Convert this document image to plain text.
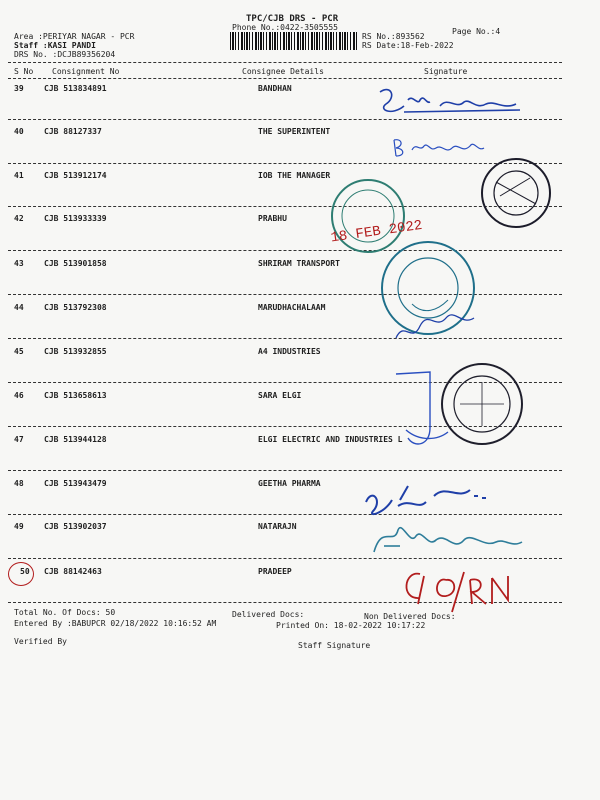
TPC/CJB DRS - PCR
Phone No.:0422-3505555	Page No.:4
Area :PERIYAR NAGAR - PCR
Staff :KASI PANDI
DRS No. :DCJB89356204
RS No.:893562
RS Date:18-Feb-2022
S No Consignment No	Consignee Details	Signature
39	CJB 513834891	BANDHAN
40	CJB 88127337	THE SUPERINTENT
41	CJB 513912174	IOB THE MANAGER
42	CJB 513933339	PRABHU
43	CJB 513901858	SHRIRAM TRANSPORT
44	CJB 513792308	MARUDHACHALAAM
45	CJB 513932855	A4 INDUSTRIES
46	CJB 513658613	SARA ELGI
47	CJB 513944128	ELGI ELECTRIC AND INDUSTRIES L
48	CJB 513943479	GEETHA PHARMA
49	CJB 513902037	NATARAJN
50 CJB 88142463	PRADEEP
Total No. Of Docs: 50	Delivered Docs:	Non Delivered Docs:
Entered By :BABUPCR 02/18/2022 10:16:52 AM	Printed On: 18-02-2022 10:17:22
Verified By	Staff Signature
18 FEB 2022
